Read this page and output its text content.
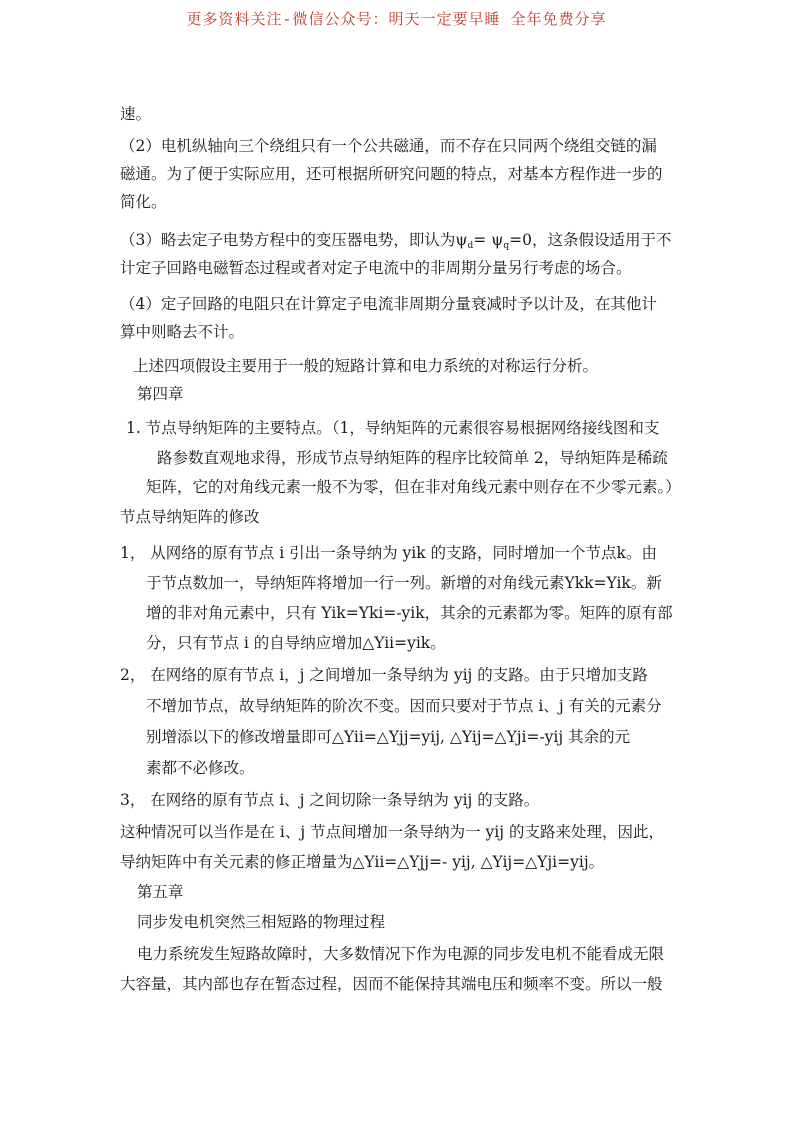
更多资料关注-微信公众号：明天一定要早睡 全年免费分享
速。
（2）电机纵轴向三个绕组只有一个公共磁通，而不存在只同两个绕组交链的漏
磁通。为了便于实际应用，还可根据所研究问题的特点，对基本方程作进一步的
简化。
（3）略去定子电势方程中的变压器电势，即认为$\psi_d= \psi_q=0$，这条假设适用于不
计定子回路电磁暂态过程或者对定子电流中的非周期分量另行考虑的场合。
（4）定子回路的电阻只在计算定子电流非周期分量衰减时予以计及，在其他计
算中则略去不计。
上述四项假设主要用于一般的短路计算和电力系统的对称运行分析。
第四章
1. 节点导纳矩阵的主要特点。（1，导纳矩阵的元素很容易根据网络接线图和支
路参数直观地求得，形成节点导纳矩阵的程序比较简单 2，导纳矩阵是稀疏
矩阵，它的对角线元素一般不为零，但在非对角线元素中则存在不少零元素。）
节点导纳矩阵的修改
1， 从网络的原有节点 i 引出一条导纳为 yik 的支路，同时增加一个节点k。由
于节点数加一，导纳矩阵将增加一行一列。新增的对角线元素Ykk=Yik。新
增的非对角元素中，只有 Yik=Yki=-yik，其余的元素都为零。矩阵的原有部
分，只有节点 i 的自导纳应增加△Yii=yik。
2， 在网络的原有节点 i，j 之间增加一条导纳为 yij 的支路。由于只增加支路
不增加节点，故导纳矩阵的阶次不变。因而只要对于节点 i、j 有关的元素分
别增添以下的修改增量即可△Yii=△Yjj=yij, △Yij=△Yji=-yij 其余的元
素都不必修改。
3， 在网络的原有节点 i、j 之间切除一条导纳为 yij 的支路。
这种情况可以当作是在 i、j 节点间增加一条导纳为一 yij 的支路来处理，因此，
导纳矩阵中有关元素的修正增量为△Yii=△Yjj=- yij, △Yij=△Yji=yij。
第五章
同步发电机突然三相短路的物理过程
电力系统发生短路故障时，大多数情况下作为电源的同步发电机不能看成无限
大容量，其内部也存在暂态过程，因而不能保持其端电压和频率不变。所以一般
